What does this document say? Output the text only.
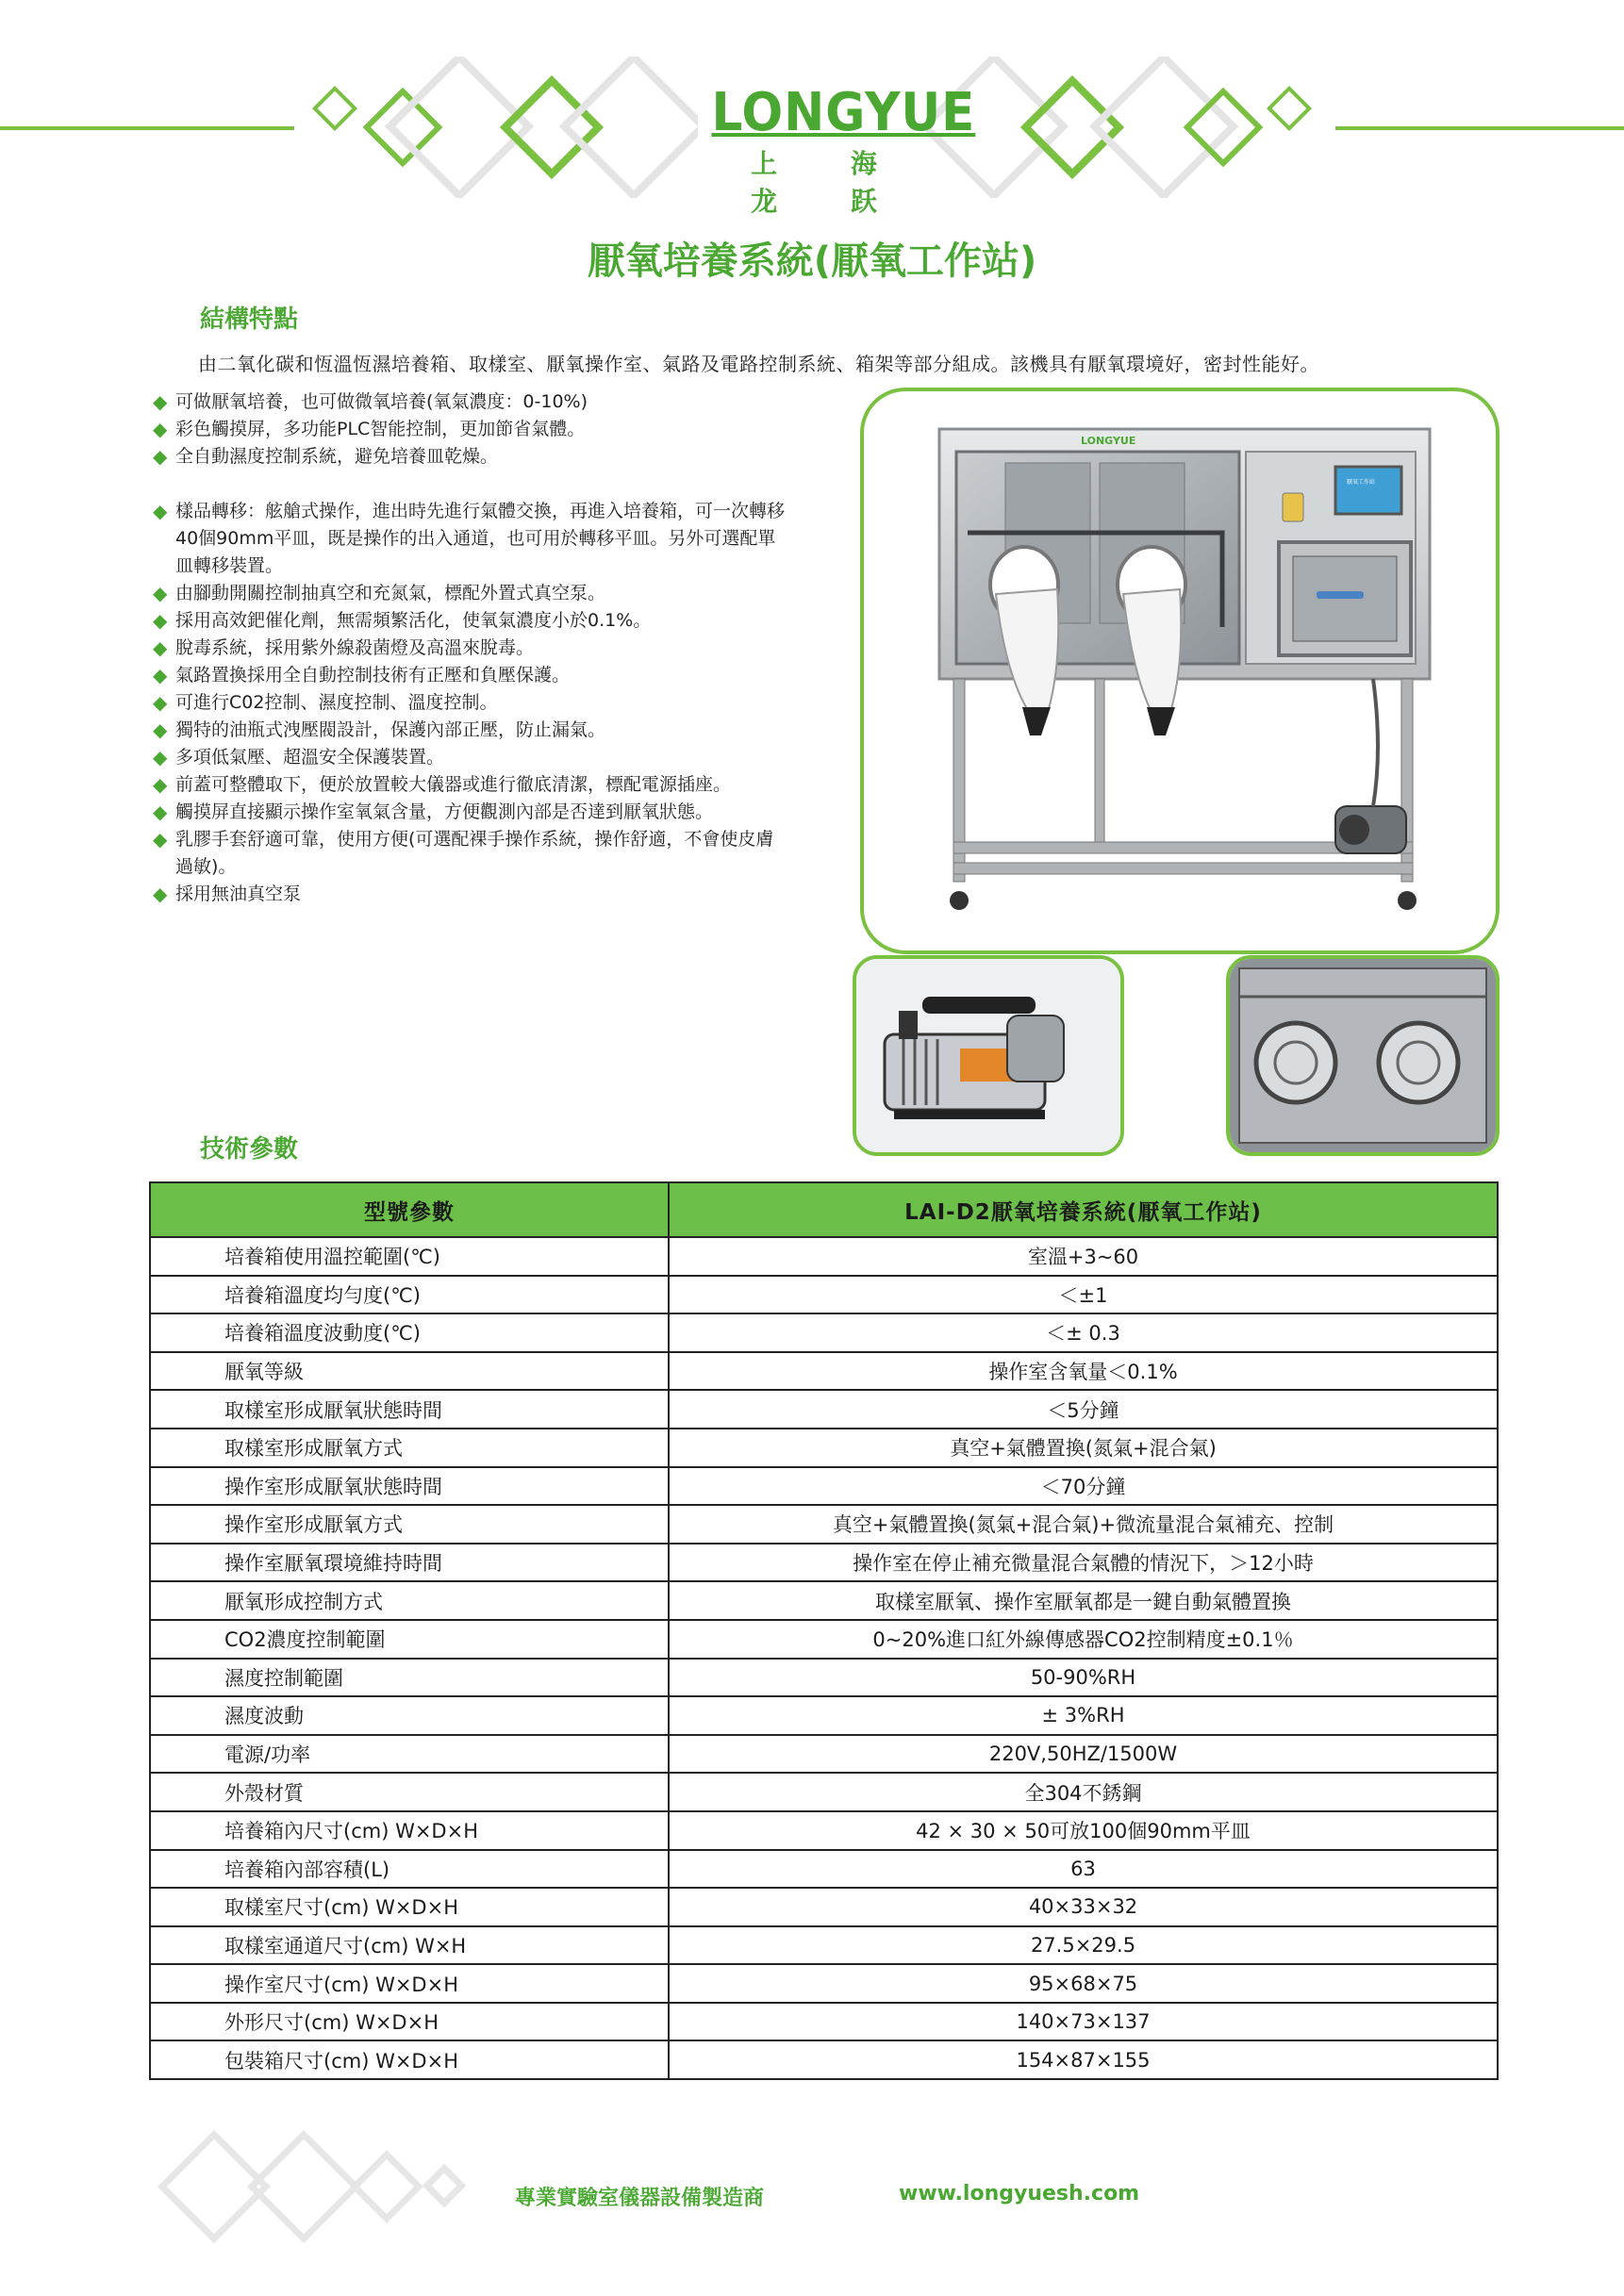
LONGYUE
上 海 龙 跃
厭氧培養系統(厭氧工作站)
結構特點
由二氧化碳和恆溫恆濕培養箱、取樣室、厭氧操作室、氣路及電路控制系統、箱架等部分組成。該機具有厭氧環境好，密封性能好。
◆ 可做厭氧培養，也可做微氧培養(氧氣濃度：0-10%)
◆ 彩色觸摸屏，多功能PLC智能控制，更加節省氣體。
◆ 全自動濕度控制系統，避免培養皿乾燥。
◆ 樣品轉移：舷艙式操作，進出時先進行氣體交換，再進入培養箱，可一次轉移40個90mm平皿，既是操作的出入通道，也可用於轉移平皿。另外可選配單皿轉移裝置。
◆ 由腳動開關控制抽真空和充氮氣，標配外置式真空泵。
◆ 採用高效鈀催化劑，無需頻繁活化，使氧氣濃度小於0.1%。
◆ 脫毒系統，採用紫外線殺菌燈及高溫來脫毒。
◆ 氣路置換採用全自動控制技術有正壓和負壓保護。
◆ 可進行C02控制、濕度控制、溫度控制。
◆ 獨特的油瓶式洩壓閥設計，保護內部正壓，防止漏氣。
◆ 多項低氣壓、超溫安全保護裝置。
◆ 前蓋可整體取下，便於放置較大儀器或進行徹底清潔，標配電源插座。
◆ 觸摸屏直接顯示操作室氧氣含量，方便觀測內部是否達到厭氧狀態。
◆ 乳膠手套舒適可靠，使用方便(可選配裸手操作系統，操作舒適，不會使皮膚過敏)。
◆ 採用無油真空泵
LONGYUE
厭氧工作站
技術參數
型號參數	LAI-D2厭氧培養系統(厭氧工作站)
培養箱使用溫控範圍(℃)	室溫+3~60
培養箱溫度均勻度(℃)	＜±1
培養箱溫度波動度(℃)	＜± 0.3
厭氧等級	操作室含氧量＜0.1%
取樣室形成厭氧狀態時間	＜5分鐘
取樣室形成厭氧方式	真空+氣體置換(氮氣+混合氣)
操作室形成厭氧狀態時間	＜70分鐘
操作室形成厭氧方式	真空+氣體置換(氮氣+混合氣)+微流量混合氣補充、控制
操作室厭氧環境維持時間	操作室在停止補充微量混合氣體的情況下，＞12小時
厭氧形成控制方式	取樣室厭氧、操作室厭氧都是一鍵自動氣體置換
CO2濃度控制範圍	0~20%進口紅外線傳感器CO2控制精度±0.1％
濕度控制範圍	50-90%RH
濕度波動	± 3%RH
電源/功率	220V,50HZ/1500W
外殼材質	全304不銹鋼
培養箱內尺寸(cm) W×D×H	42 × 30 × 50可放100個90mm平皿
培養箱內部容積(L)	63
取樣室尺寸(cm) W×D×H	40×33×32
取樣室通道尺寸(cm) W×H	27.5×29.5
操作室尺寸(cm) W×D×H	95×68×75
外形尺寸(cm) W×D×H	140×73×137
包裝箱尺寸(cm) W×D×H	154×87×155
專業實驗室儀器設備製造商	www.longyuesh.com
